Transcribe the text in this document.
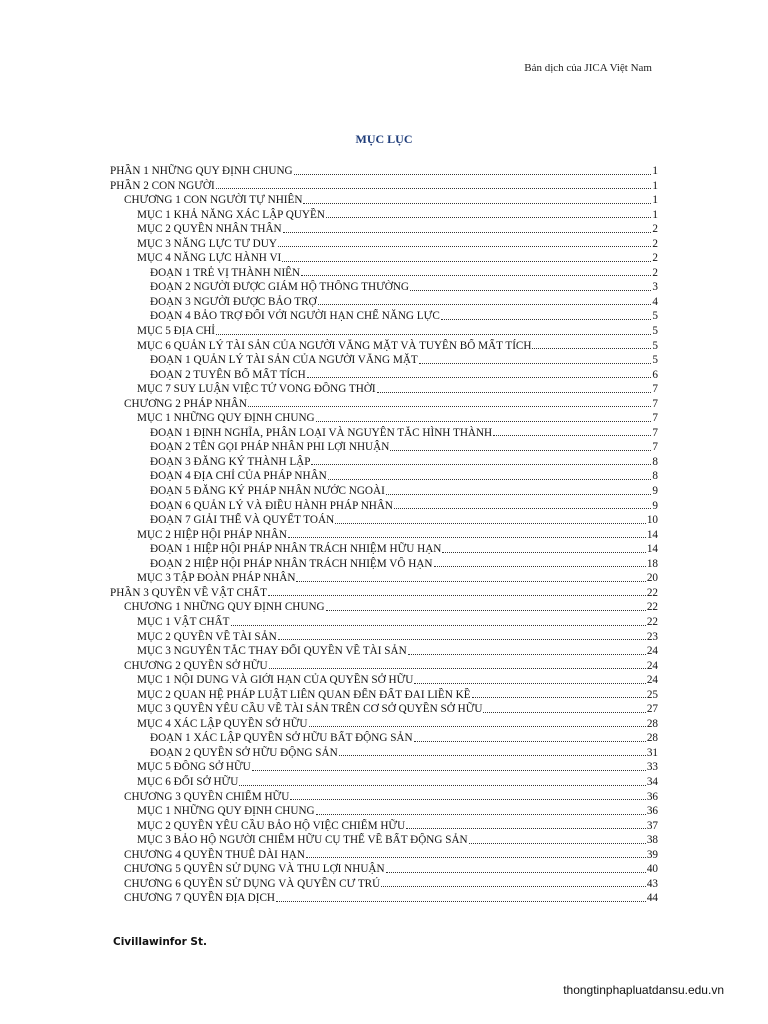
Bản dịch của JICA Việt Nam
MỤC LỤC
PHẦN 1 NHỮNG QUY ĐỊNH CHUNG	1
PHẦN 2 CON NGƯỜI	1
CHƯƠNG 1 CON NGƯỜI TỰ NHIÊN	1
MỤC 1 KHẢ NĂNG XÁC LẬP QUYỀN	1
MỤC 2 QUYỀN NHÂN THÂN	2
MỤC 3 NĂNG LỰC TƯ DUY	2
MỤC 4 NĂNG LỰC HÀNH VI	2
ĐOẠN 1 TRẺ VỊ THÀNH NIÊN	2
ĐOẠN 2 NGƯỜI ĐƯỢC GIÁM HỘ THÔNG THƯỜNG	3
ĐOẠN 3 NGƯỜI ĐƯỢC BẢO TRỢ	4
ĐOẠN 4 BẢO TRỢ ĐỐI VỚI NGƯỜI HẠN CHẾ NĂNG LỰC	5
MỤC 5 ĐỊA CHỈ	5
MỤC 6 QUẢN LÝ TÀI SẢN CỦA NGƯỜI VẮNG MẶT VÀ TUYÊN BỐ MẤT TÍCH	5
ĐOẠN 1 QUẢN LÝ TÀI SẢN CỦA NGƯỜI VẮNG MẶT	5
ĐOẠN 2 TUYÊN BỐ MẤT TÍCH	6
MỤC 7 SUY LUẬN VIỆC TỬ VONG ĐỒNG THỜI	7
CHƯƠNG 2 PHÁP NHÂN	7
MỤC 1 NHỮNG QUY ĐỊNH CHUNG	7
ĐOẠN 1 ĐỊNH NGHĨA, PHÂN LOẠI VÀ NGUYÊN TẮC HÌNH THÀNH	7
ĐOẠN 2 TÊN GỌI PHÁP NHÂN PHI LỢI NHUẬN	7
ĐOẠN 3 ĐĂNG KÝ THÀNH LẬP	8
ĐOẠN 4 ĐỊA CHỈ CỦA PHÁP NHÂN	8
ĐOẠN 5 ĐĂNG KÝ PHÁP NHÂN NƯỚC NGOÀI	9
ĐOẠN 6 QUẢN LÝ VÀ ĐIỀU HÀNH PHÁP NHÂN	9
ĐOẠN 7 GIẢI THỂ VÀ QUYẾT TOÁN	10
MỤC 2 HIỆP HỘI PHÁP NHÂN	14
ĐOẠN 1 HIỆP HỘI PHÁP NHÂN TRÁCH NHIỆM HỮU HẠN	14
ĐOẠN 2 HIỆP HỘI PHÁP NHÂN TRÁCH NHIỆM VÔ HẠN	18
MỤC 3 TẬP ĐOÀN PHÁP NHÂN	20
PHẦN 3 QUYỀN VỀ VẬT CHẤT	22
CHƯƠNG 1 NHỮNG QUY ĐỊNH CHUNG	22
MỤC 1 VẬT CHẤT	22
MỤC 2 QUYỀN VỀ TÀI SẢN	23
MỤC 3 NGUYÊN TẮC THAY ĐỔI QUYỀN VỀ TÀI SẢN	24
CHƯƠNG 2 QUYỀN SỞ HỮU	24
MỤC 1 NỘI DUNG VÀ GIỚI HẠN CỦA QUYỀN SỞ HỮU	24
MỤC 2 QUAN HỆ PHÁP LUẬT LIÊN QUAN ĐẾN ĐẤT ĐAI LIỀN KỀ	25
MỤC 3 QUYỀN YÊU CẦU VỀ TÀI SẢN TRÊN CƠ SỞ QUYỀN SỞ HỮU	27
MỤC 4 XÁC LẬP QUYỀN SỞ HỮU	28
ĐOẠN 1 XÁC LẬP QUYỀN SỞ HỮU BẤT ĐỘNG SẢN	28
ĐOẠN 2 QUYỀN SỞ HỮU ĐỘNG SẢN	31
MỤC 5 ĐỒNG SỞ HỮU	33
MỤC 6 ĐỔI SỞ HỮU	34
CHƯƠNG 3 QUYỀN CHIẾM HỮU	36
MỤC 1 NHỮNG QUY ĐỊNH CHUNG	36
MỤC 2 QUYỀN YÊU CẦU BẢO HỘ VIỆC CHIẾM HỮU	37
MỤC 3 BẢO HỘ NGƯỜI CHIẾM HỮU CỤ THỂ VỀ BẤT ĐỘNG SẢN	38
CHƯƠNG 4 QUYỀN THUÊ DÀI HẠN	39
CHƯƠNG 5 QUYỀN SỬ DỤNG VÀ THU LỢI NHUẬN	40
CHƯƠNG 6 QUYỀN SỬ DỤNG VÀ QUYỀN CƯ TRÚ	43
CHƯƠNG 7 QUYỀN ĐỊA DỊCH	44
Civillawinfor St.
thongtinphapluatdansu.edu.vn
